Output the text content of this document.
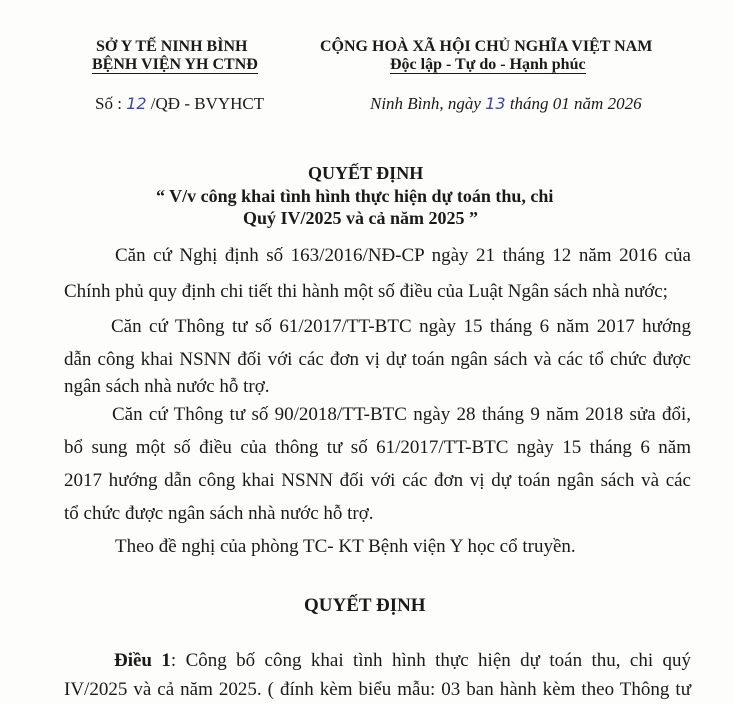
SỞ Y TẾ NINH BÌNH
BỆNH VIỆN YH CTNĐ
CỘNG HOÀ XÃ HỘI CHỦ NGHĨA VIỆT NAM
Độc lập - Tự do - Hạnh phúc
Số : 12 /QĐ - BVYHCT	Ninh Bình, ngày 13 tháng 01 năm 2026
QUYẾT ĐỊNH
“ V/v công khai tình hình thực hiện dự toán thu, chi
Quý IV/2025 và cả năm 2025 ”
Căn cứ Nghị định số 163/2016/NĐ-CP ngày 21 tháng 12 năm 2016 của
Chính phủ quy định chi tiết thi hành một số điều của Luật Ngân sách nhà nước;
Căn cứ Thông tư số 61/2017/TT-BTC ngày 15 tháng 6 năm 2017 hướng
dẫn công khai NSNN đối với các đơn vị dự toán ngân sách và các tổ chức được
ngân sách nhà nước hỗ trợ.
Căn cứ Thông tư số 90/2018/TT-BTC ngày 28 tháng 9 năm 2018 sửa đổi,
bổ sung một số điều của thông tư số 61/2017/TT-BTC ngày 15 tháng 6 năm
2017 hướng dẫn công khai NSNN đối với các đơn vị dự toán ngân sách và các
tổ chức được ngân sách nhà nước hỗ trợ.
Theo đề nghị của phòng TC- KT Bệnh viện Y học cổ truyền.
QUYẾT ĐỊNH
Điều 1: Công bố công khai tình hình thực hiện dự toán thu, chi quý
IV/2025 và cả năm 2025. ( đính kèm biểu mẫu: 03 ban hành kèm theo Thông tư
